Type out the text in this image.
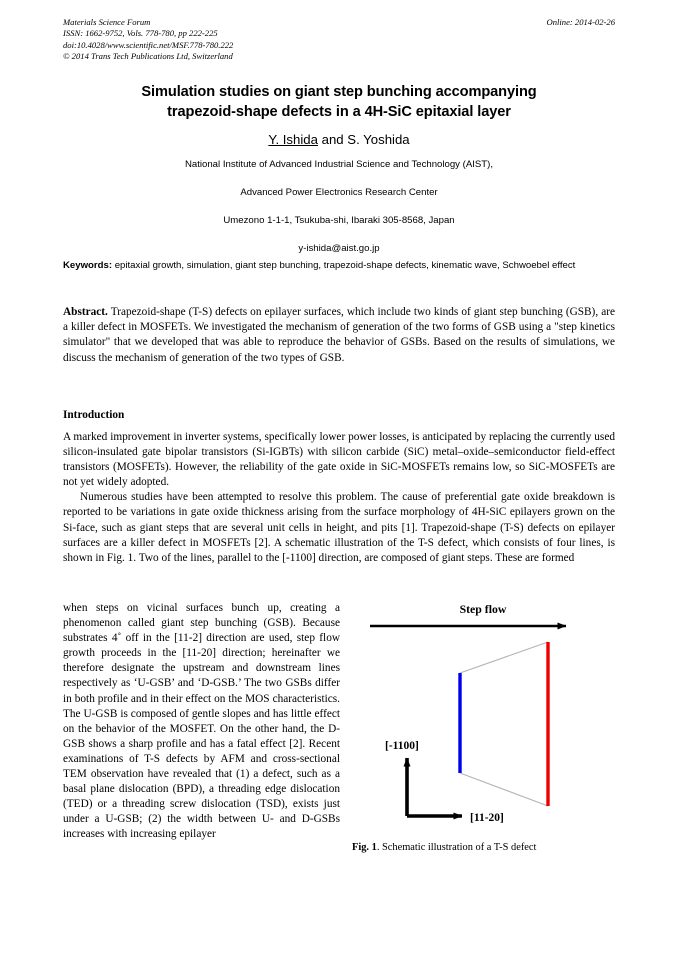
Materials Science Forum
ISSN: 1662-9752, Vols. 778-780, pp 222-225
doi:10.4028/www.scientific.net/MSF.778-780.222
© 2014 Trans Tech Publications Ltd, Switzerland
Online: 2014-02-26
Simulation studies on giant step bunching accompanying
trapezoid-shape defects in a 4H-SiC epitaxial layer
Y. Ishida and S. Yoshida
National Institute of Advanced Industrial Science and Technology (AIST),
Advanced Power Electronics Research Center
Umezono 1-1-1, Tsukuba-shi, Ibaraki 305-8568, Japan
y-ishida@aist.go.jp
Keywords: epitaxial growth, simulation, giant step bunching, trapezoid-shape defects, kinematic wave, Schwoebel effect
Abstract. Trapezoid-shape (T-S) defects on epilayer surfaces, which include two kinds of giant step bunching (GSB), are a killer defect in MOSFETs. We investigated the mechanism of generation of the two forms of GSB using a "step kinetics simulator" that we developed that was able to reproduce the behavior of GSBs. Based on the results of simulations, we discuss the mechanism of generation of the two types of GSB.
Introduction

A marked improvement in inverter systems, specifically lower power losses, is anticipated by replacing the currently used silicon-insulated gate bipolar transistors (Si-IGBTs) with silicon carbide (SiC) metal–oxide–semiconductor field-effect transistors (MOSFETs). However, the reliability of the gate oxide in SiC-MOSFETs remains low, so SiC-MOSFETs are not yet widely adopted.

Numerous studies have been attempted to resolve this problem. The cause of preferential gate oxide breakdown is reported to be variations in gate oxide thickness arising from the surface morphology of 4H-SiC epilayers grown on the Si-face, such as giant steps that are several unit cells in height, and pits [1]. Trapezoid-shape (T-S) defects on epilayer surfaces are a killer defect in MOSFETs [2]. A schematic illustration of the T-S defect, which consists of four lines, is shown in Fig. 1. Two of the lines, parallel to the [-1100] direction, are composed of giant steps. These are formed

when steps on vicinal surfaces bunch up, creating a phenomenon called giant step bunching (GSB). Because substrates 4˚ off in the [11-2] direction are used, step flow growth proceeds in the [11-20] direction; hereinafter we therefore designate the upstream and downstream lines respectively as ‘U-GSB’ and ‘D-GSB.’ The two GSBs differ in both profile and in their effect on the MOS characteristics. The U-GSB is composed of gentle slopes and has little effect on the behavior of the MOSFET. On the other hand, the D-GSB shows a sharp profile and has a fatal effect [2]. Recent examinations of T-S defects by AFM and cross-sectional TEM observation have revealed that (1) a defect, such as a basal plane dislocation (BPD), a threading edge dislocation (TED) or a threading screw dislocation (TSD), exists just under a U-GSB; (2) the width between U- and D-GSBs increases with increasing epilayer

Step flow
[-1100]
[11-20]
Fig. 1. Schematic illustration of a T-S defect
